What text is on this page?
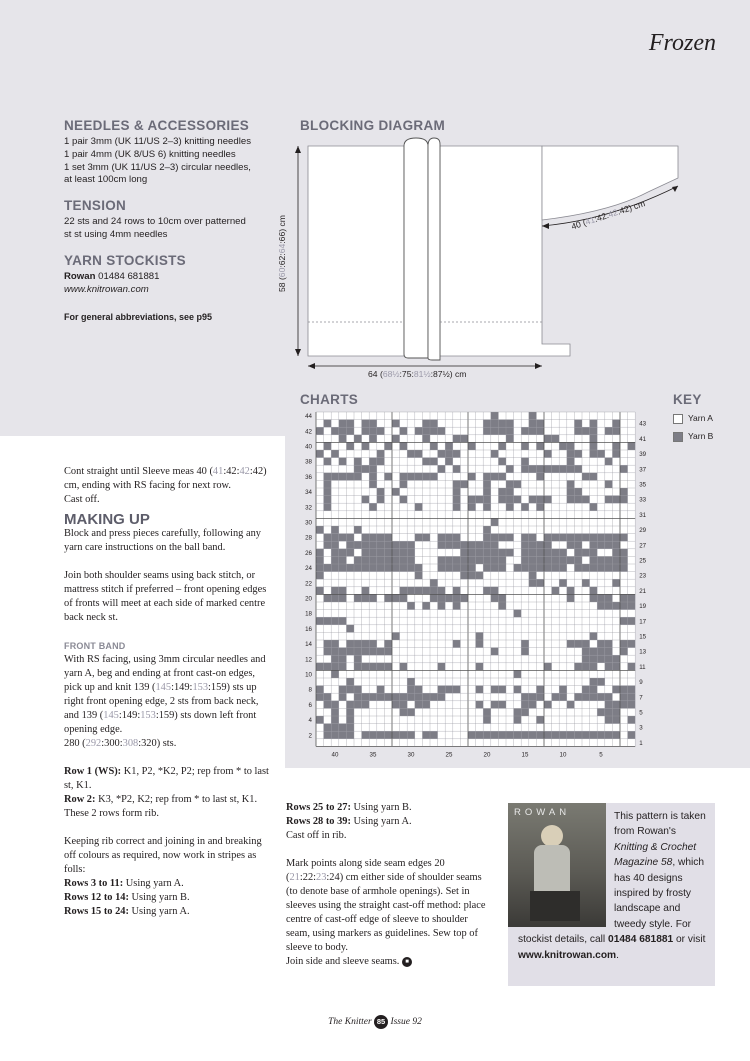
Frozen
NEEDLES & ACCESSORIES
1 pair 3mm (UK 11/US 2–3) knitting needles
1 pair 4mm (UK 8/US 6) knitting needles
1 set 3mm (UK 11/US 2–3) circular needles,
at least 100cm long
TENSION
22 sts and 24 rows to 10cm over patterned
st st using 4mm needles
YARN STOCKISTS
Rowan 01484 681881
www.knitrowan.com
For general abbreviations, see p95
BLOCKING DIAGRAM
58 (60:62:64:66) cm
64 (68½:75:81½:87½) cm
40 (41:42:42:42) cm
CHARTS
44
42
40
38
36
34
32
30
28
26
24
22
20
18
16
14
12
10
8
6
4
2
43
41
39
37
35
33
31
29
27
25
23
21
19
17
15
13
11
9
7
5
3
1
40	35	30	25	20	15	10	5
KEY
Yarn A
Yarn B
Cont straight until Sleeve meas 40 (41:42:42:42) cm, ending with RS facing for next row.
Cast off.
MAKING UP
Block and press pieces carefully, following any yarn care instructions on the ball band.
Join both shoulder seams using back stitch, or mattress stitch if preferred – front opening edges of fronts will meet at each side of marked centre back neck st.
FRONT BAND
With RS facing, using 3mm circular needles and yarn A, beg and ending at front cast-on edges, pick up and knit 139 (145:149:153:159) sts up right front opening edge, 2 sts from back neck, and 139 (145:149:153:159) sts down left front opening edge.
280 (292:300:308:320) sts.
Row 1 (WS): K1, P2, *K2, P2; rep from * to last st, K1.
Row 2: K3, *P2, K2; rep from * to last st, K1.
These 2 rows form rib.
Keeping rib correct and joining in and breaking off colours as required, now work in stripes as folls:
Rows 3 to 11: Using yarn A.
Rows 12 to 14: Using yarn B.
Rows 15 to 24: Using yarn A.
Rows 25 to 27: Using yarn B.
Rows 28 to 39: Using yarn A.
Cast off in rib.
Mark points along side seam edges 20 (21:22:23:24) cm either side of shoulder seams (to denote base of armhole openings). Set in sleeves using the straight cast-off method: place centre of cast-off edge of sleeve to shoulder seam, using markers as guidelines. Sew top of sleeve to body.
Join side and sleeve seams. ■
ROWAN	This pattern is taken from Rowan's Knitting & Crochet Magazine 58, which has 40 designs inspired by frosty landscape and tweedy style. For stockist details, call 01484 681881 or visit www.knitrowan.com.
The Knitter 85 Issue 92
